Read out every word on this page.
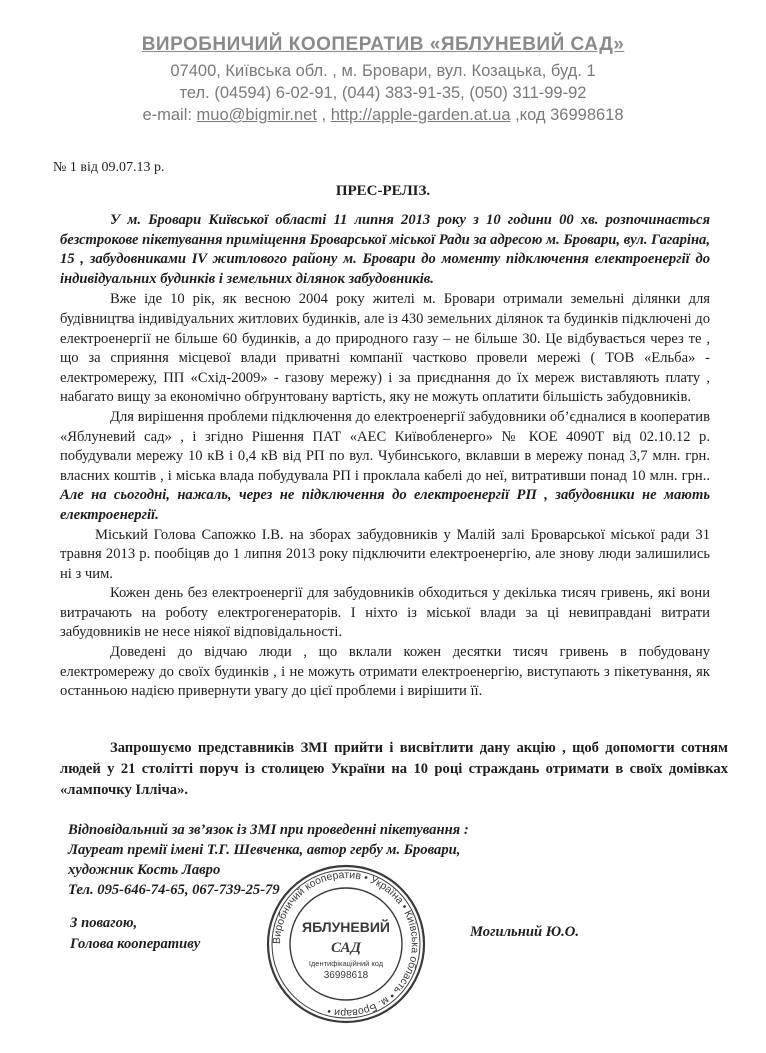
ВИРОБНИЧИЙ КООПЕРАТИВ «ЯБЛУНЕВИЙ САД»
07400, Київська обл. , м. Бровари, вул. Козацька, буд. 1
тел. (04594) 6-02-91, (044) 383-91-35, (050) 311-99-92
e-mail: muo@bigmir.net , http://apple-garden.at.ua ,код 36998618
№ 1 від 09.07.13 р.
ПРЕС-РЕЛІЗ.

У м. Бровари Київської області 11 липня 2013 року з 10 години 00 хв. розпочинається безстрокове пікетування приміщення Броварської міської Ради за адресою м. Бровари, вул. Гагаріна, 15 , забудовниками IV житлового району м. Бровари до моменту підключення електроенергії до індивідуальних будинків і земельних ділянок забудовників.

Вже іде 10 рік, як весною 2004 року жителі м. Бровари отримали земельні ділянки для будівництва індивідуальних житлових будинків, але із 430 земельних ділянок та будинків підключені до електроенергії не більше 60 будинків, а до природного газу – не більше 30. Це відбувається через те , що за сприяння місцевої влади приватні компанії частково провели мережі ( ТОВ «Ельба» - електромережу, ПП «Схід-2009» - газову мережу) і за приєднання до їх мереж виставляють плату , набагато вищу за економічно обґрунтовану вартість, яку не можуть оплатити більшість забудовників.

Для вирішення проблеми підключення до електроенергії забудовники об’єдналися в кооператив «Яблуневий сад» , і згідно Рішення ПАТ «АЕС Київобленерго» № КОЕ 4090Т від 02.10.12 р. побудували мережу 10 кВ і 0,4 кВ від РП по вул. Чубинського, вклавши в мережу понад 3,7 млн. грн. власних коштів , і міська влада побудувала РП і проклала кабелі до неї, витративши понад 10 млн. грн.. Але на сьогодні, нажаль, через не підключення до електроенергії РП , забудовники не мають електроенергії.

Міський Голова Сапожко І.В. на зборах забудовників у Малій залі Броварської міської ради 31 травня 2013 р. пообіцяв до 1 липня 2013 року підключити електроенергію, але знову люди залишились ні з чим.

Кожен день без електроенергії для забудовників обходиться у декілька тисяч гривень, які вони витрачають на роботу електрогенераторів. І ніхто із міської влади за ці невиправдані витрати забудовників не несе ніякої відповідальності.

Доведені до відчаю люди , що вклали кожен десятки тисяч гривень в побудовану електромережу до своїх будинків , і не можуть отримати електроенергію, виступають з пікетування, як останньою надією привернути увагу до цієї проблеми і вирішити її.

Запрошуємо представників ЗМІ прийти і висвітлити дану акцію , щоб допомогти сотням людей у 21 столітті поруч із столицею України на 10 році страждань отримати в своїх домівках «лампочку Ілліча».

Відповідальний за зв’язок із ЗМІ при проведенні пікетування :
Лауреат премії імені Т.Г. Шевченка, автор гербу м. Бровари,
художник Кость Лавро
Тел. 095-646-74-65, 067-739-25-79
З повагою,
Голова кооперативу
Могильний Ю.О.
Виробничий кооператив • Україна • Київська область • м. Бровари •
ЯБЛУНЕВИЙ
САД
Ідентифікаційний код
36998618
